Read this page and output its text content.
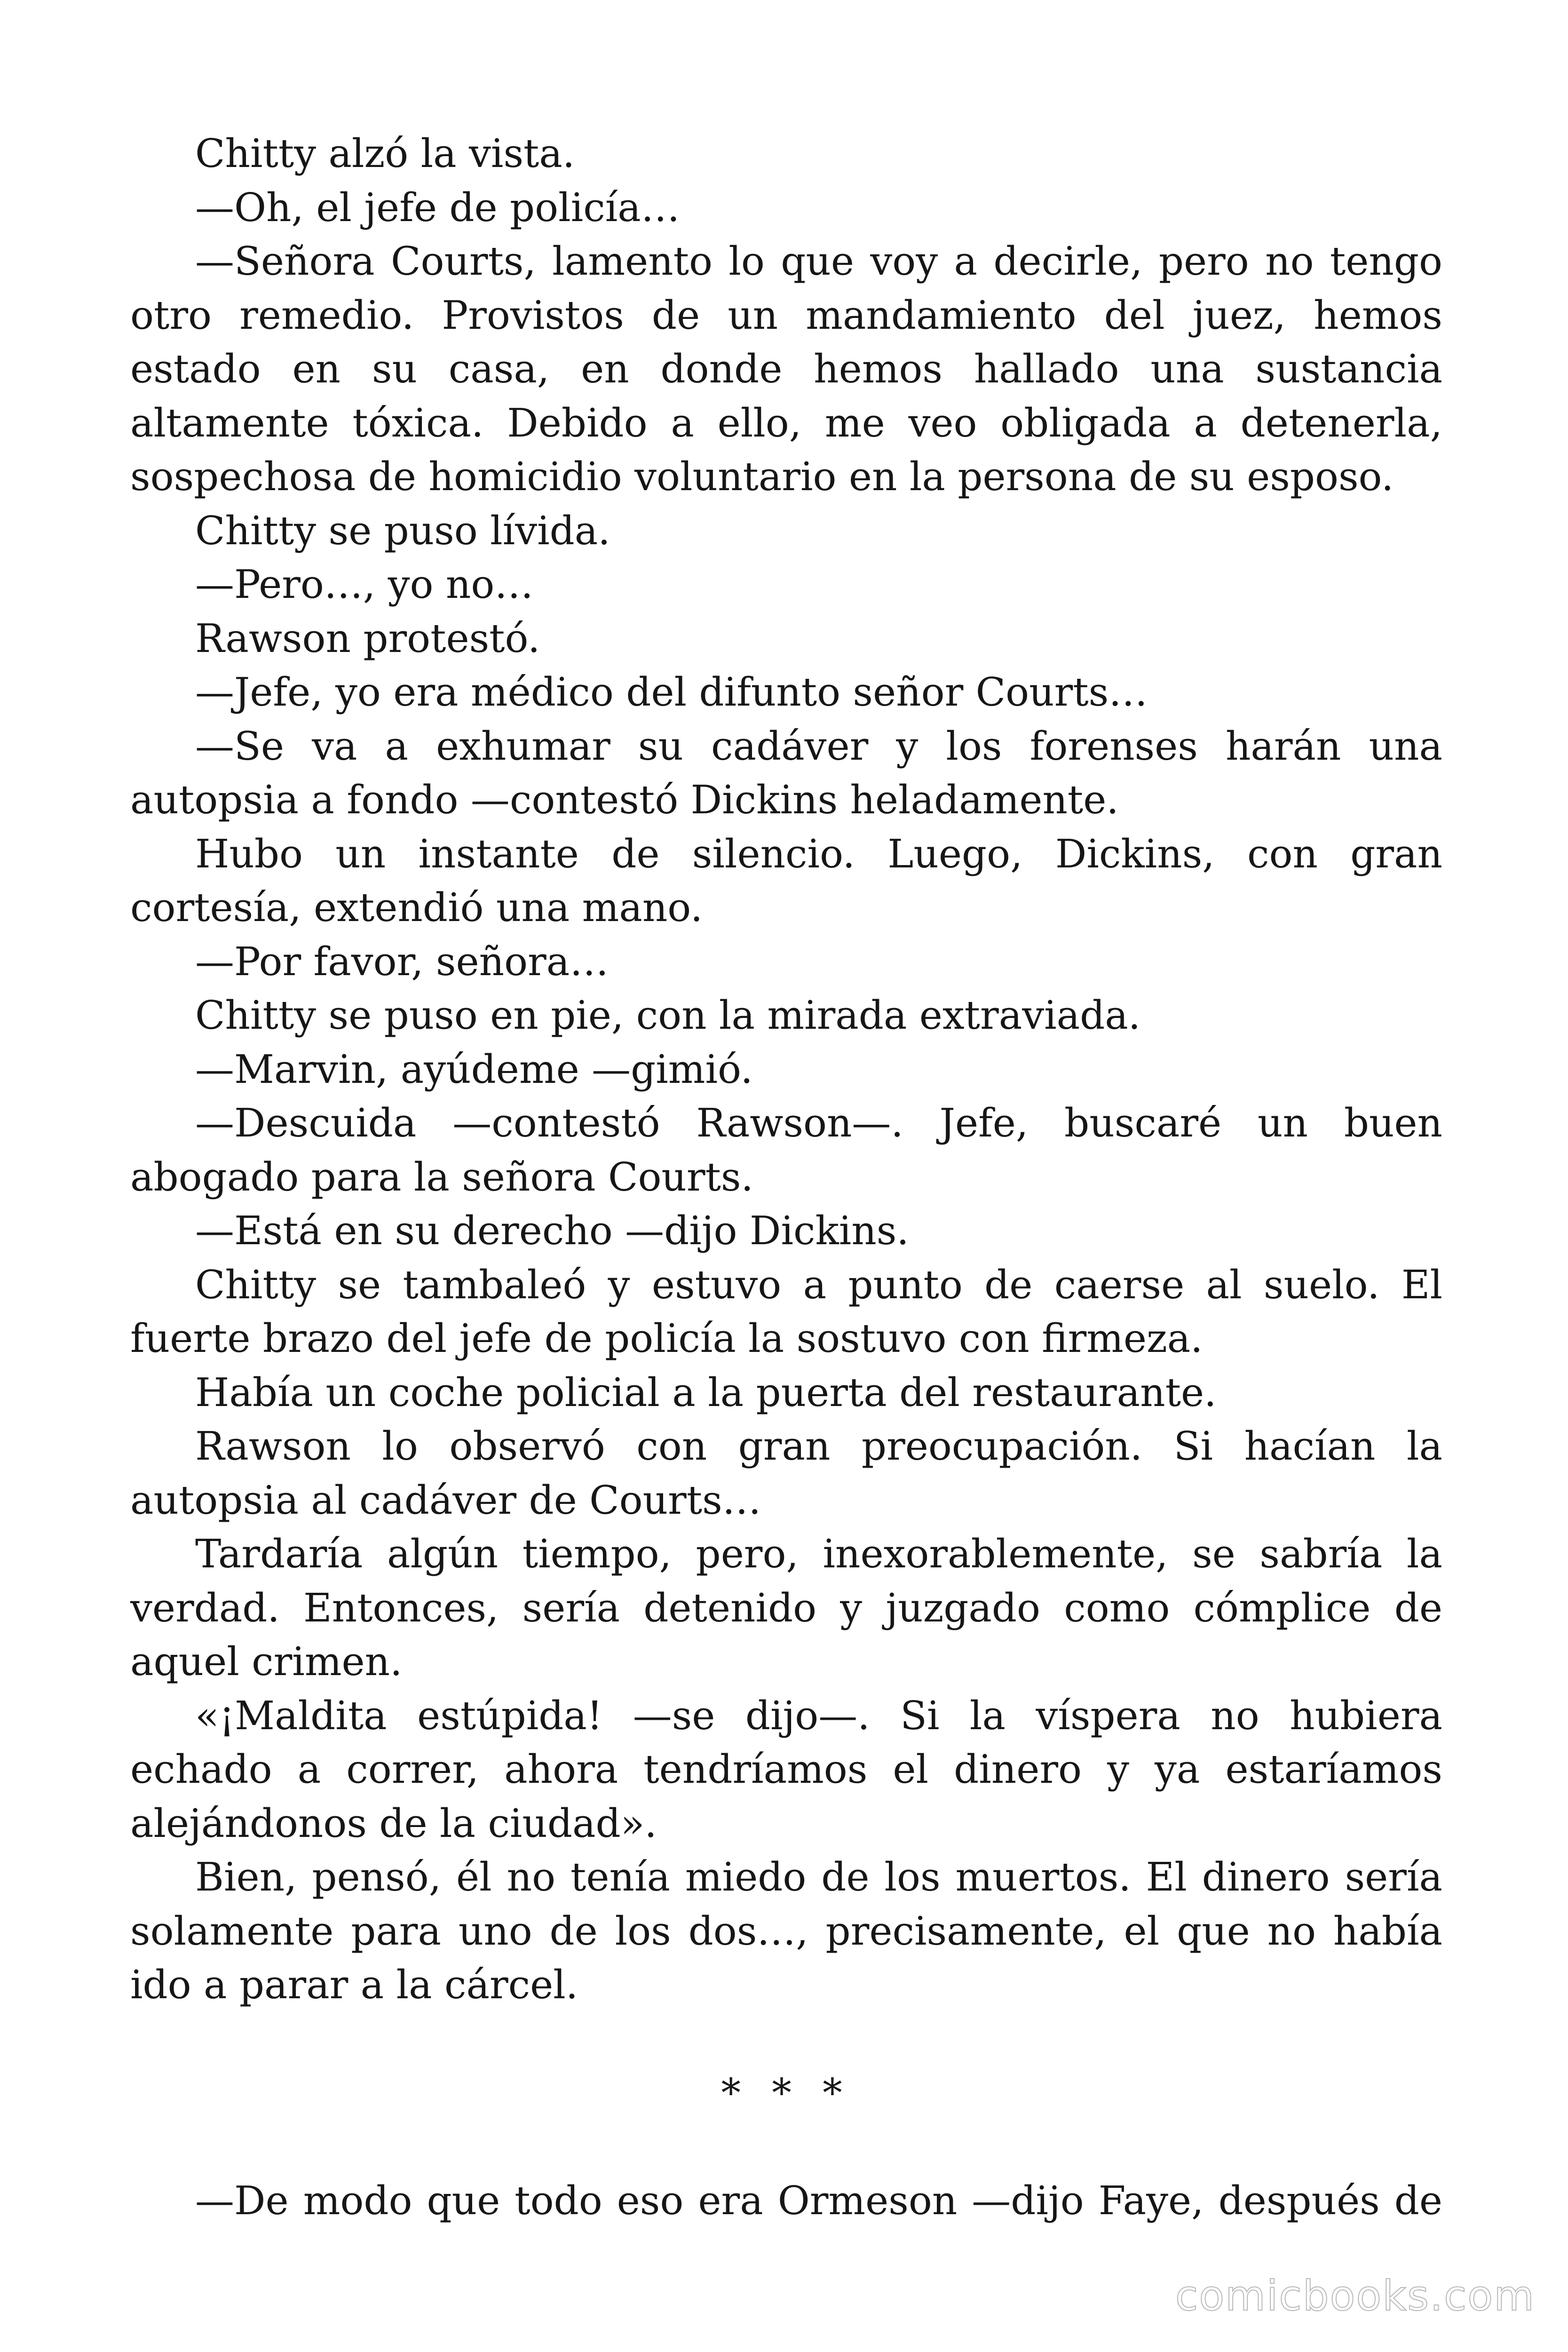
Chitty alzó la vista.

—Oh, el jefe de policía…

—Señora Courts, lamento lo que voy a decirle, pero no tengo otro remedio. Provistos de un mandamiento del juez, hemos estado en su casa, en donde hemos hallado una sustancia altamente tóxica. Debido a ello, me veo obligada a detenerla, sospechosa de homicidio voluntario en la persona de su esposo.

Chitty se puso lívida.

—Pero…, yo no…

Rawson protestó.

—Jefe, yo era médico del difunto señor Courts…

—Se va a exhumar su cadáver y los forenses harán una autopsia a fondo —contestó Dickins heladamente.

Hubo un instante de silencio. Luego, Dickins, con gran cortesía, extendió una mano.

—Por favor, señora…

Chitty se puso en pie, con la mirada extraviada.

—Marvin, ayúdeme —gimió.

—Descuida —contestó Rawson—. Jefe, buscaré un buen abogado para la señora Courts.

—Está en su derecho —dijo Dickins.

Chitty se tambaleó y estuvo a punto de caerse al suelo. El fuerte brazo del jefe de policía la sostuvo con firmeza.

Había un coche policial a la puerta del restaurante.

Rawson lo observó con gran preocupación. Si hacían la autopsia al cadáver de Courts…

Tardaría algún tiempo, pero, inexorablemente, se sabría la verdad. Entonces, sería detenido y juzgado como cómplice de aquel crimen.

«¡Maldita estúpida! —se dijo—. Si la víspera no hubiera echado a correr, ahora tendríamos el dinero y ya estaríamos alejándonos de la ciudad».

Bien, pensó, él no tenía miedo de los muertos. El dinero sería solamente para uno de los dos…, precisamente, el que no había ido a parar a la cárcel.

* * *

—De modo que todo eso era Ormeson —dijo Faye, después de

comicbooks.com
